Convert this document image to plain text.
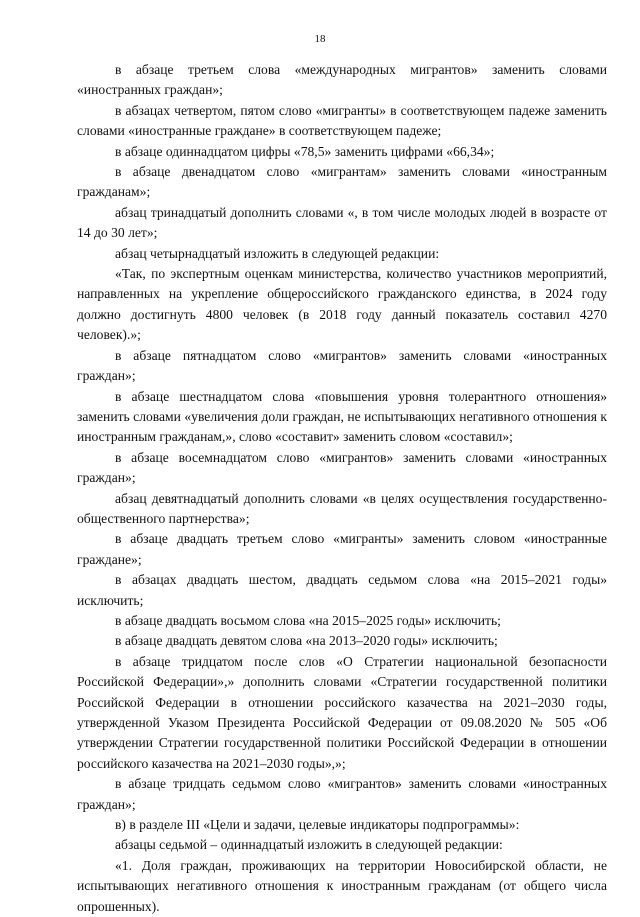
18

в абзаце третьем слова «международных мигрантов» заменить словами «иностранных граждан»;

в абзацах четвертом, пятом слово «мигранты» в соответствующем падеже заменить словами «иностранные граждане» в соответствующем падеже;

в абзаце одиннадцатом цифры «78,5» заменить цифрами «66,34»;

в абзаце двенадцатом слово «мигрантам» заменить словами «иностранным гражданам»;

абзац тринадцатый дополнить словами «, в том числе молодых людей в возрасте от 14 до 30 лет»;

абзац четырнадцатый изложить в следующей редакции:

«Так, по экспертным оценкам министерства, количество участников мероприятий, направленных на укрепление общероссийского гражданского единства, в 2024 году должно достигнуть 4800 человек (в 2018 году данный показатель составил 4270 человек).»;

в абзаце пятнадцатом слово «мигрантов» заменить словами «иностранных граждан»;

в абзаце шестнадцатом слова «повышения уровня толерантного отношения» заменить словами «увеличения доли граждан, не испытывающих негативного отношения к иностранным гражданам,», слово «составит» заменить словом «составил»;

в абзаце восемнадцатом слово «мигрантов» заменить словами «иностранных граждан»;

абзац девятнадцатый дополнить словами «в целях осуществления государственно-общественного партнерства»;

в абзаце двадцать третьем слово «мигранты» заменить словом «иностранные граждане»;

в абзацах двадцать шестом, двадцать седьмом слова «на 2015–2021 годы» исключить;

в абзаце двадцать восьмом слова «на 2015–2025 годы» исключить;

в абзаце двадцать девятом слова «на 2013–2020 годы» исключить;

в абзаце тридцатом после слов «О Стратегии национальной безопасности Российской Федерации»,» дополнить словами «Стратегии государственной политики Российской Федерации в отношении российского казачества на 2021–2030 годы, утвержденной Указом Президента Российской Федерации от 09.08.2020 № 505 «Об утверждении Стратегии государственной политики Российской Федерации в отношении российского казачества на 2021–2030 годы»,»;

в абзаце тридцать седьмом слово «мигрантов» заменить словами «иностранных граждан»;

в) в разделе III «Цели и задачи, целевые индикаторы подпрограммы»:

абзацы седьмой – одиннадцатый изложить в следующей редакции:

«1. Доля граждан, проживающих на территории Новосибирской области, не испытывающих негативного отношения к иностранным гражданам (от общего числа опрошенных).
